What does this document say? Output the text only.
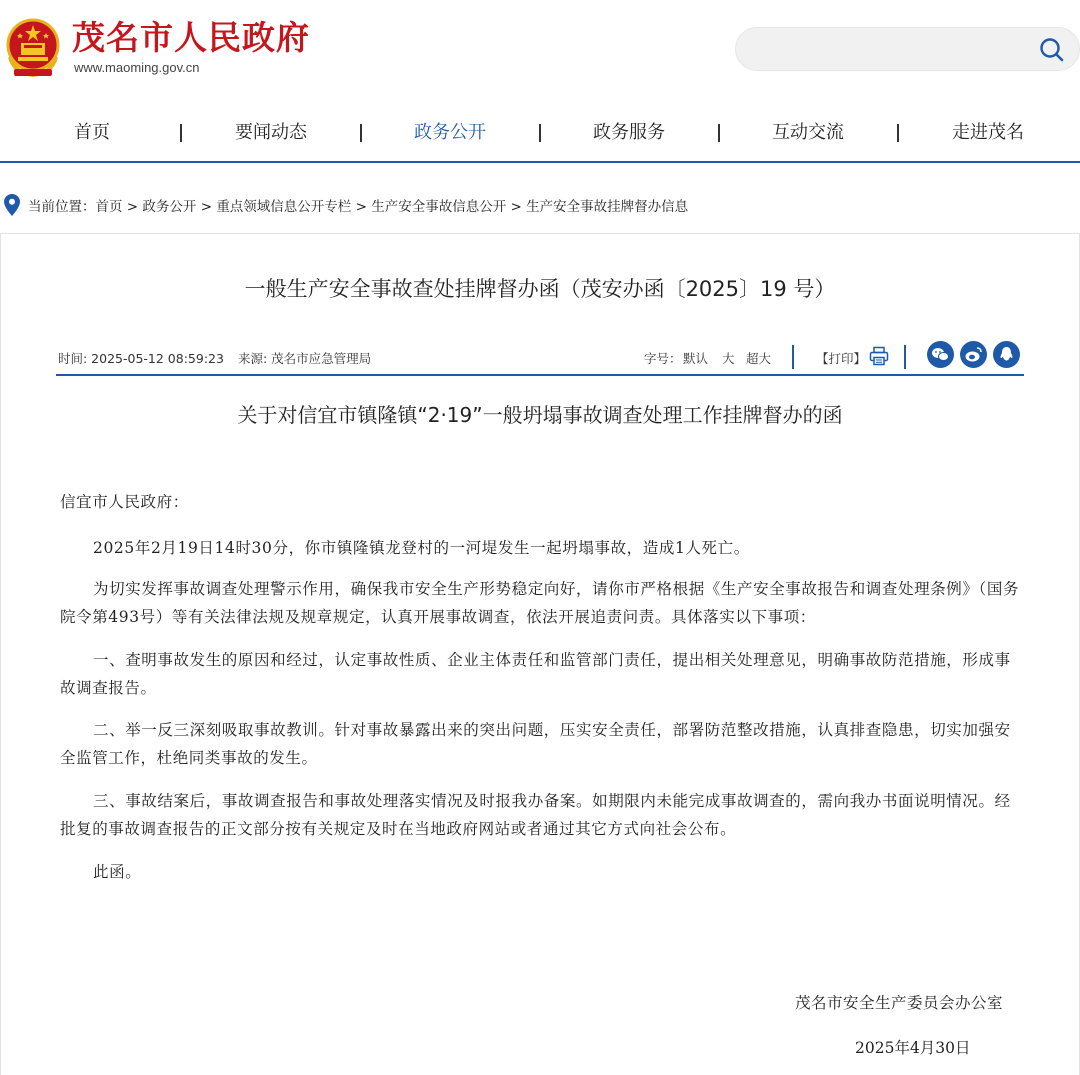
茂名市人民政府
www.maoming.gov.cn
首页	要闻动态	政务公开	政务服务	互动交流	走进茂名
当前位置：首页 > 政务公开 > 重点领域信息公开专栏 > 生产安全事故信息公开 > 生产安全事故挂牌督办信息
一般生产安全事故查处挂牌督办函（茂安办函〔2025〕19 号）
时间: 2025-05-12 08:59:23 来源: 茂名市应急管理局	字号： 默认 大 超大	【打印】
关于对信宜市镇隆镇“2·19”一般坍塌事故调查处理工作挂牌督办的函
信宜市人民政府：
2025年2月19日14时30分，你市镇隆镇龙登村的一河堤发生一起坍塌事故，造成1人死亡。
为切实发挥事故调查处理警示作用，确保我市安全生产形势稳定向好，请你市严格根据《生产安全事故报告和调查处理条例》（国务院令第493号）等有关法律法规及规章规定，认真开展事故调查，依法开展追责问责。具体落实以下事项：
一、查明事故发生的原因和经过，认定事故性质、企业主体责任和监管部门责任，提出相关处理意见，明确事故防范措施，形成事故调查报告。
二、举一反三深刻吸取事故教训。针对事故暴露出来的突出问题，压实安全责任，部署防范整改措施，认真排查隐患，切实加强安全监管工作，杜绝同类事故的发生。
三、事故结案后，事故调查报告和事故处理落实情况及时报我办备案。如期限内未能完成事故调查的，需向我办书面说明情况。经批复的事故调查报告的正文部分按有关规定及时在当地政府网站或者通过其它方式向社会公布。
此函。
茂名市安全生产委员会办公室
2025年4月30日
